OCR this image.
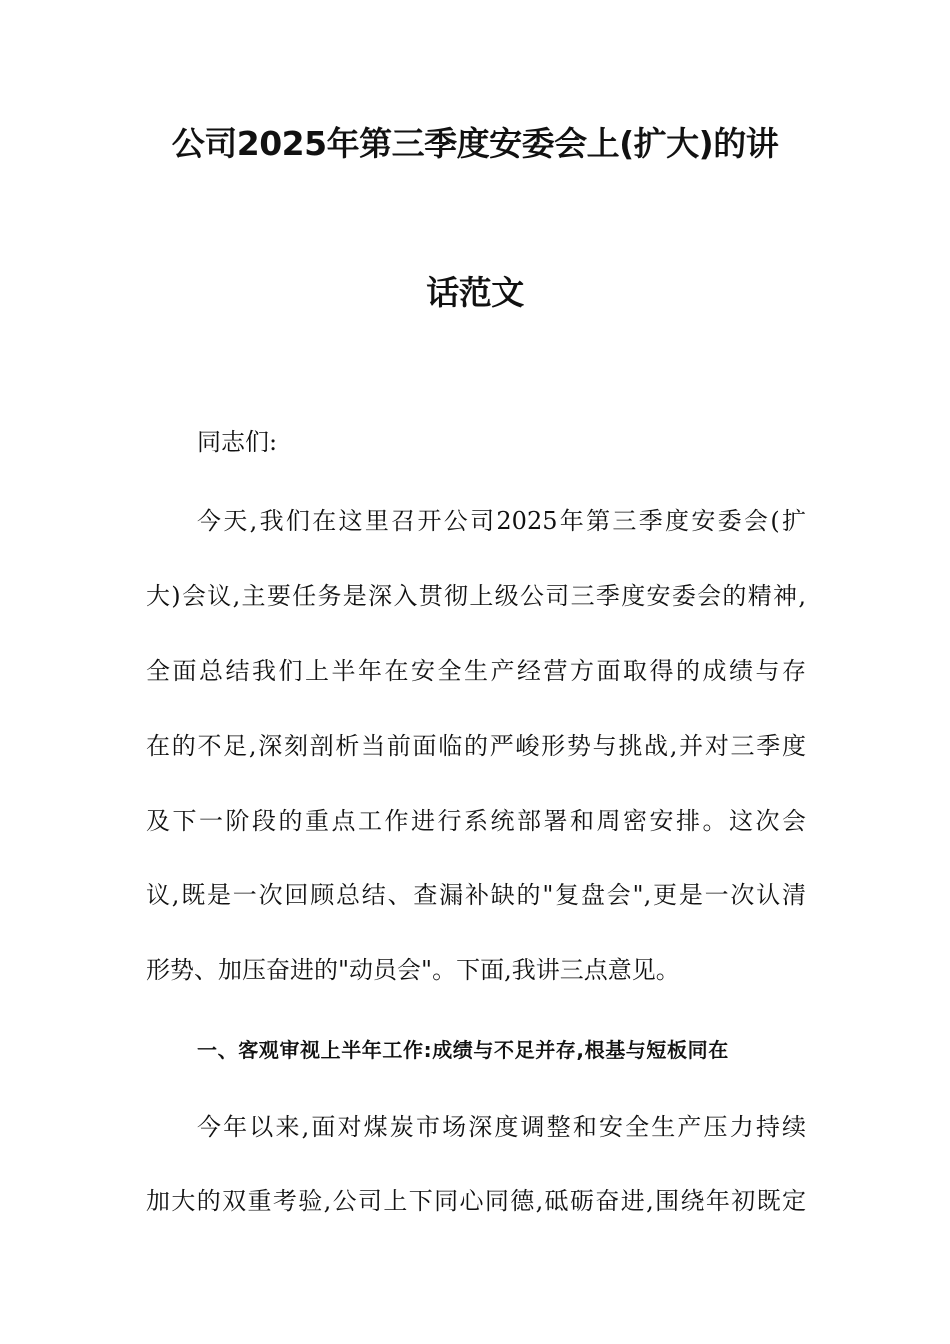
公司2025年第三季度安委会上(扩大)的讲
话范文
同志们:
今天,我们在这里召开公司2025年第三季度安委会(扩
大)会议,主要任务是深入贯彻上级公司三季度安委会的精神,
全面总结我们上半年在安全生产经营方面取得的成绩与存
在的不足,深刻剖析当前面临的严峻形势与挑战,并对三季度
及下一阶段的重点工作进行系统部署和周密安排。这次会
议,既是一次回顾总结、查漏补缺的"复盘会",更是一次认清
形势、加压奋进的"动员会"。下面,我讲三点意见。
一、客观审视上半年工作:成绩与不足并存,根基与短板同在
今年以来,面对煤炭市场深度调整和安全生产压力持续
加大的双重考验,公司上下同心同德,砥砺奋进,围绕年初既定
